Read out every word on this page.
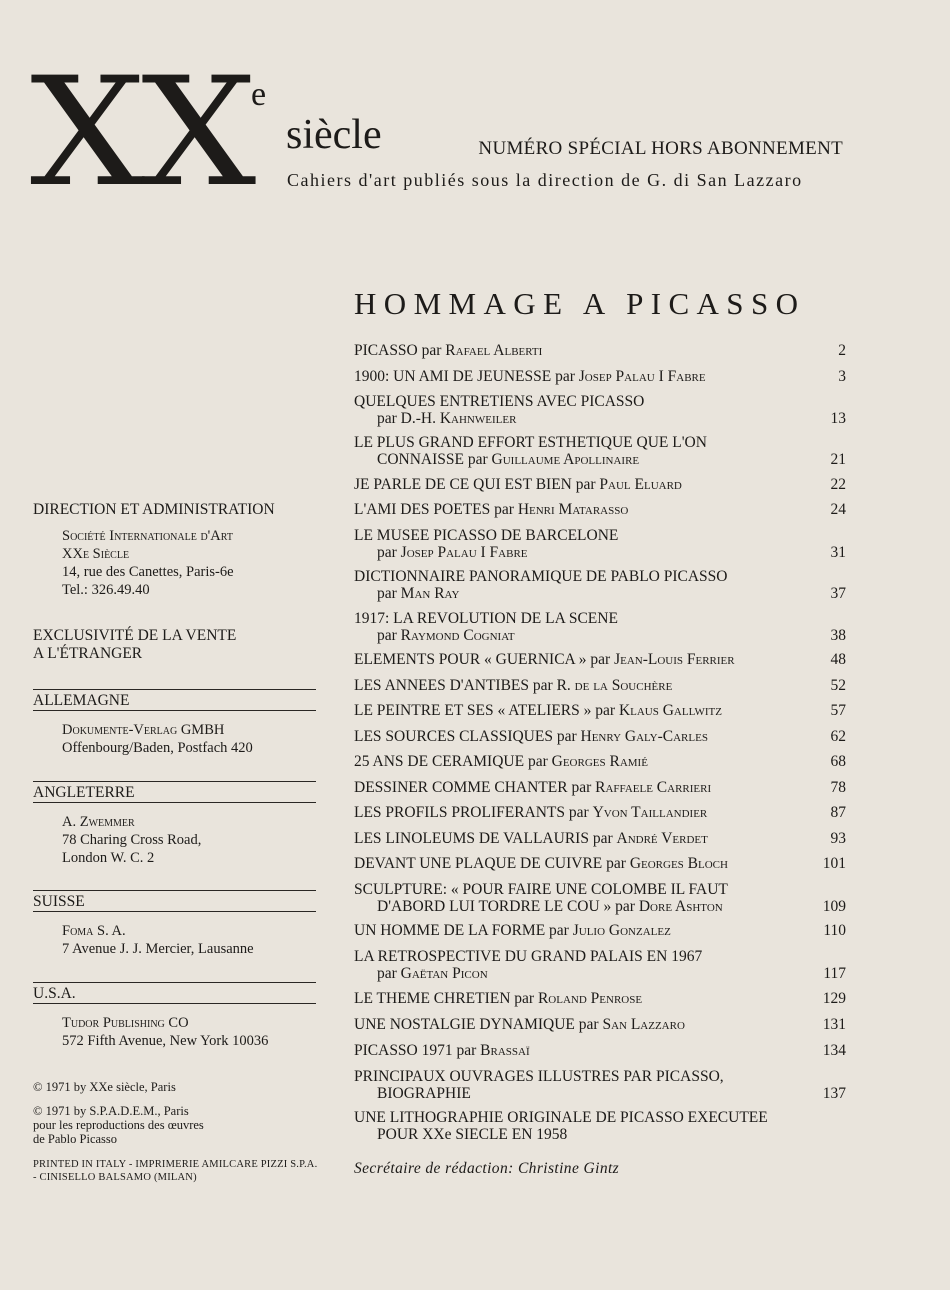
XX
e
siècle	NUMÉRO SPÉCIAL HORS ABONNEMENT
Cahiers d'art publiés sous la direction de G. di San Lazzaro
HOMMAGE A PICASSO
PICASSO par Rafael Alberti	2
1900: UN AMI DE JEUNESSE par Josep Palau I Fabre	3
QUELQUES ENTRETIENS AVEC PICASSO
par D.-H. Kahnweiler	13
LE PLUS GRAND EFFORT ESTHETIQUE QUE L'ON
CONNAISSE par Guillaume Apollinaire	21
JE PARLE DE CE QUI EST BIEN par Paul Eluard	22
L'AMI DES POETES par Henri Matarasso	24
LE MUSEE PICASSO DE BARCELONE
par Josep Palau I Fabre	31
DICTIONNAIRE PANORAMIQUE DE PABLO PICASSO
par Man Ray	37
1917: LA REVOLUTION DE LA SCENE
par Raymond Cogniat	38
ELEMENTS POUR « GUERNICA » par Jean-Louis Ferrier	48
LES ANNEES D'ANTIBES par R. de la Souchère	52
LE PEINTRE ET SES « ATELIERS » par Klaus Gallwitz	57
LES SOURCES CLASSIQUES par Henry Galy-Carles	62
25 ANS DE CERAMIQUE par Georges Ramié	68
DESSINER COMME CHANTER par Raffaele Carrieri	78
LES PROFILS PROLIFERANTS par Yvon Taillandier	87
LES LINOLEUMS DE VALLAURIS par André Verdet	93
DEVANT UNE PLAQUE DE CUIVRE par Georges Bloch	101
SCULPTURE: « POUR FAIRE UNE COLOMBE IL FAUT
D'ABORD LUI TORDRE LE COU » par Dore Ashton	109
UN HOMME DE LA FORME par Julio Gonzalez	110
LA RETROSPECTIVE DU GRAND PALAIS EN 1967
par Gaëtan Picon	117
LE THEME CHRETIEN par Roland Penrose	129
UNE NOSTALGIE DYNAMIQUE par San Lazzaro	131
PICASSO 1971 par Brassaï	134
PRINCIPAUX OUVRAGES ILLUSTRES PAR PICASSO,
BIOGRAPHIE	137
UNE LITHOGRAPHIE ORIGINALE DE PICASSO EXECUTEE
POUR XXe SIECLE EN 1958
Secrétaire de rédaction: Christine Gintz
DIRECTION ET ADMINISTRATION
Société Internationale d'Art
XXe Siècle
14, rue des Canettes, Paris-6e
Tel.: 326.49.40
EXCLUSIVITÉ DE LA VENTE
A L'ÉTRANGER
ALLEMAGNE
Dokumente-Verlag GMBH
Offenbourg/Baden, Postfach 420
ANGLETERRE
A. Zwemmer
78 Charing Cross Road,
London W. C. 2
SUISSE
Foma S. A.
7 Avenue J. J. Mercier, Lausanne
U.S.A.
Tudor Publishing CO
572 Fifth Avenue, New York 10036
© 1971 by XXe siècle, Paris
© 1971 by S.P.A.D.E.M., Paris
pour les reproductions des œuvres
de Pablo Picasso
PRINTED IN ITALY - IMPRIMERIE AMILCARE PIZZI S.P.A.
- CINISELLO BALSAMO (MILAN)
